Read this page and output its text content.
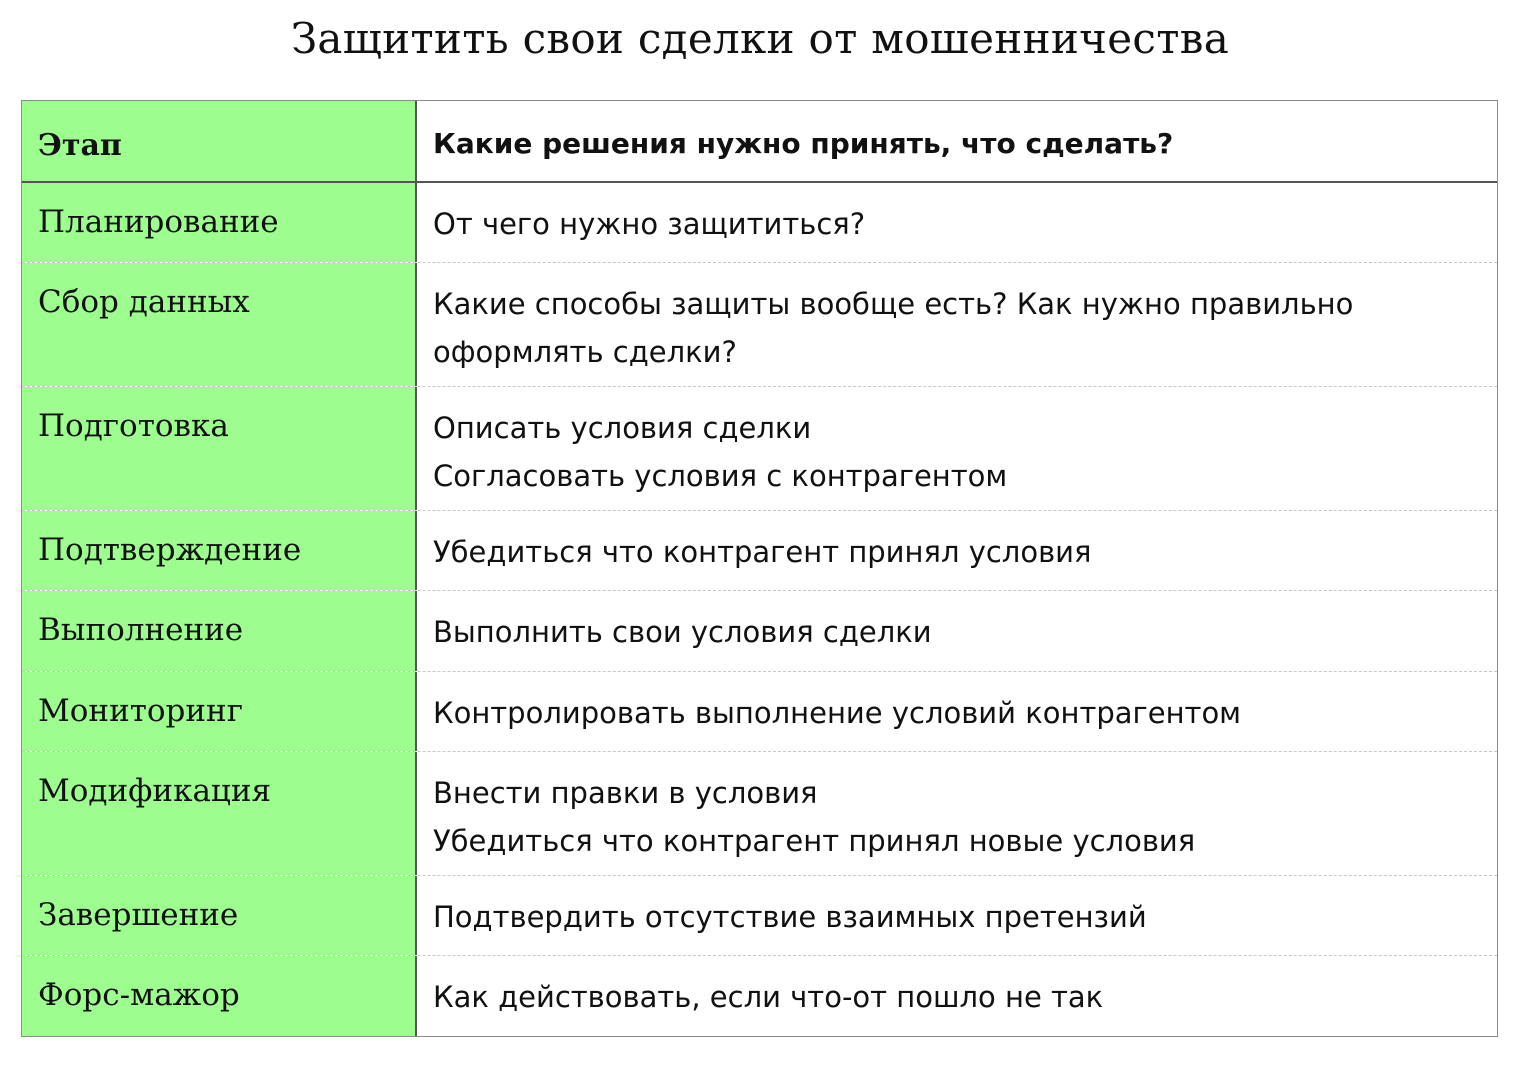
Защитить свои сделки от мошенничества
Этап	Какие решения нужно принять, что сделать?
Планирование	От чего нужно защититься?
Сбор данных	Какие способы защиты вообще есть? Как нужно правильно оформлять сделки?
Подготовка	Описать условия сделки
Согласовать условия с контрагентом
Подтверждение	Убедиться что контрагент принял условия
Выполнение	Выполнить свои условия сделки
Мониторинг	Контролировать выполнение условий контрагентом
Модификация	Внести правки в условия
Убедиться что контрагент принял новые условия
Завершение	Подтвердить отсутствие взаимных претензий
Форс-мажор	Как действовать, если что-от пошло не так
